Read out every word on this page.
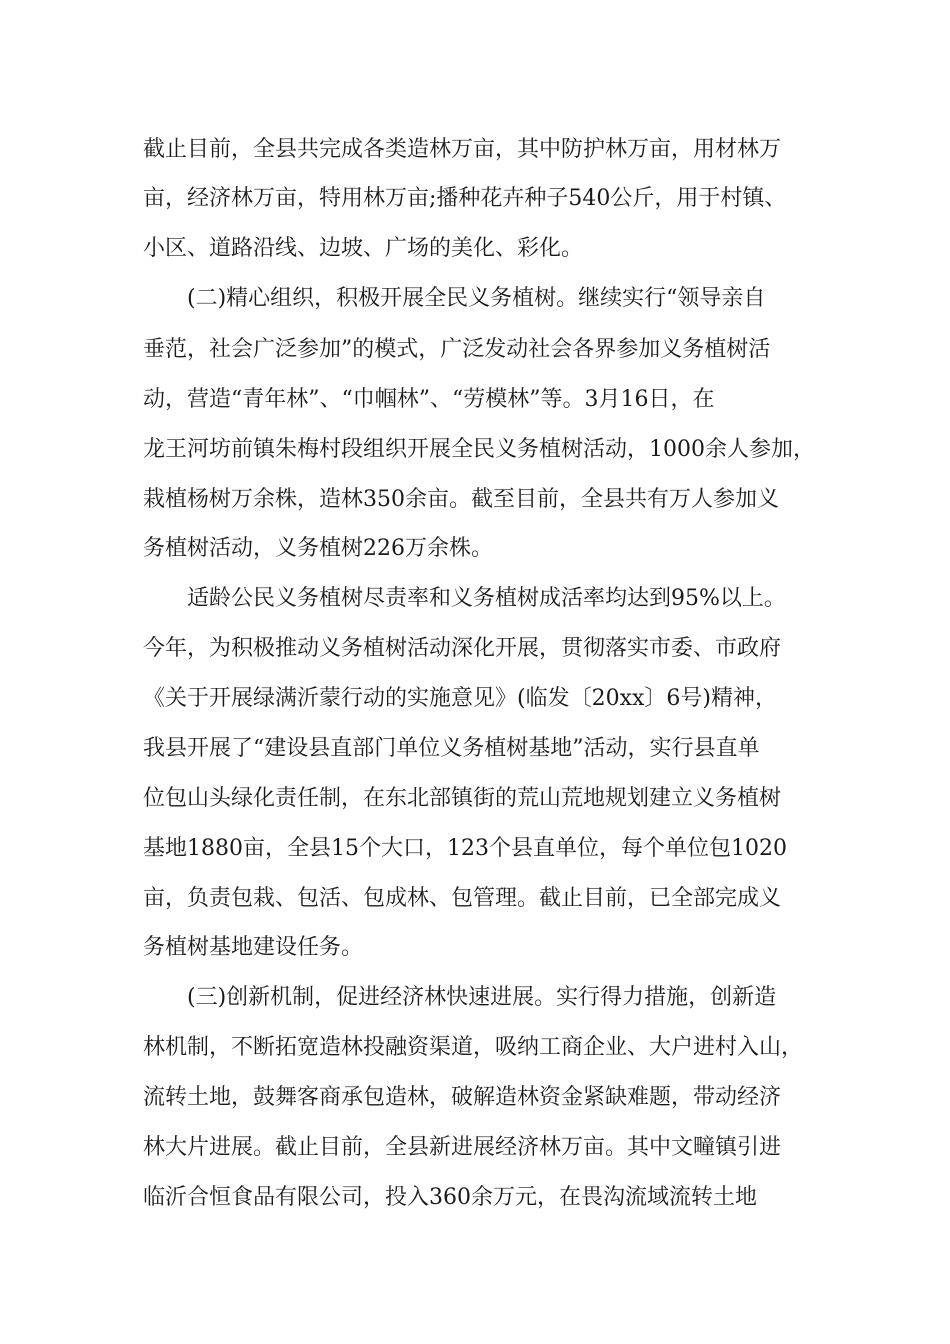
截止目前，全县共完成各类造林万亩，其中防护林万亩，用材林万
亩，经济林万亩，特用林万亩;播种花卉种子540公斤，用于村镇、
小区、道路沿线、边坡、广场的美化、彩化。
(二)精心组织，积极开展全民义务植树。继续实行“领导亲自
垂范，社会广泛参加”的模式，广泛发动社会各界参加义务植树活
动，营造“青年林”、“巾帼林”、“劳模林”等。3月16日，在
龙王河坊前镇朱梅村段组织开展全民义务植树活动，1000余人参加，
栽植杨树万余株，造林350余亩。截至目前，全县共有万人参加义
务植树活动，义务植树226万余株。
适龄公民义务植树尽责率和义务植树成活率均达到95%以上。
今年，为积极推动义务植树活动深化开展，贯彻落实市委、市政府
《关于开展绿满沂蒙行动的实施意见》(临发〔20xx〕6号)精神，
我县开展了“建设县直部门单位义务植树基地”活动，实行县直单
位包山头绿化责任制，在东北部镇街的荒山荒地规划建立义务植树
基地1880亩，全县15个大口，123个县直单位，每个单位包1020
亩，负责包栽、包活、包成林、包管理。截止目前，已全部完成义
务植树基地建设任务。
(三)创新机制，促进经济林快速进展。实行得力措施，创新造
林机制，不断拓宽造林投融资渠道，吸纳工商企业、大户进村入山，
流转土地，鼓舞客商承包造林，破解造林资金紧缺难题，带动经济
林大片进展。截止目前，全县新进展经济林万亩。其中文疃镇引进
临沂合恒食品有限公司，投入360余万元，在畏沟流域流转土地
